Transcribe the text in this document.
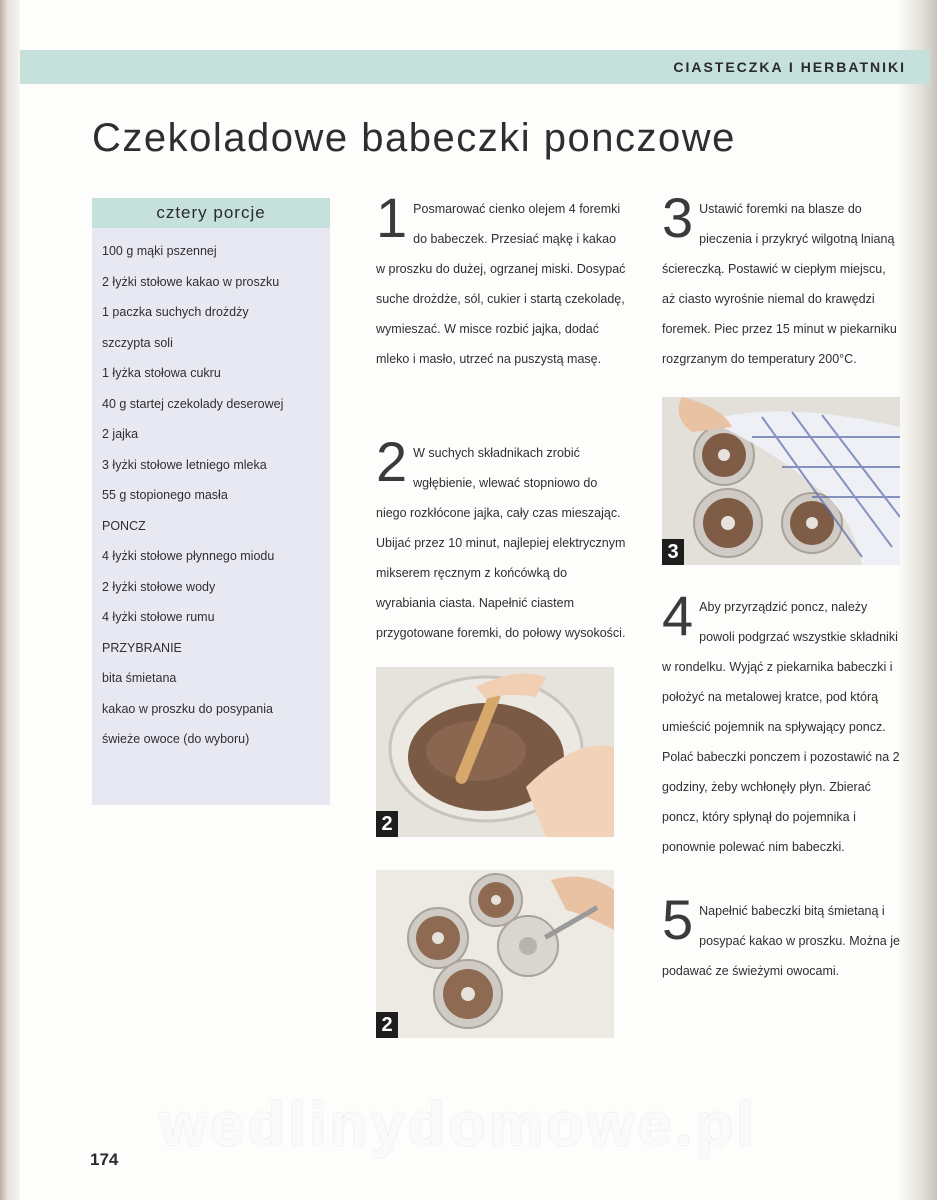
CIASTECZKA I HERBATNIKI
Czekoladowe babeczki ponczowe
cztery porcje
100 g mąki pszennej
2 łyżki stołowe kakao w proszku
1 paczka suchych drożdży
szczypta soli
1 łyżka stołowa cukru
40 g startej czekolady deserowej
2 jajka
3 łyżki stołowe letniego mleka
55 g stopionego masła
PONCZ
4 łyżki stołowe płynnego miodu
2 łyżki stołowe wody
4 łyżki stołowe rumu
PRZYBRANIE
bita śmietana
kakao w proszku do posypania
świeże owoce (do wyboru)
1 Posmarować cienko olejem 4 foremki do babeczek. Przesiać mąkę i kakao w proszku do dużej, ogrzanej miski. Dosypać suche drożdże, sól, cukier i startą czekoladę, wymieszać. W misce rozbić jajka, dodać mleko i masło, utrzeć na puszystą masę.
2 W suchych składnikach zrobić wgłębienie, wlewać stopniowo do niego rozkłócone jajka, cały czas mieszając. Ubijać przez 10 minut, najlepiej elektrycznym mikserem ręcznym z końcówką do wyrabiania ciasta. Napełnić ciastem przygotowane foremki, do połowy wysokości.
2
2
3 Ustawić foremki na blasze do pieczenia i przykryć wilgotną lnianą ściereczką. Postawić w ciepłym miejscu, aż ciasto wyrośnie niemal do krawędzi foremek. Piec przez 15 minut w piekarniku rozgrzanym do temperatury 200°C.
3
4 Aby przyrządzić poncz, należy powoli podgrzać wszystkie składniki w rondelku. Wyjąć z piekarnika babeczki i położyć na metalowej kratce, pod którą umieścić pojemnik na spływający poncz. Polać babeczki ponczem i pozostawić na 2 godziny, żeby wchłonęły płyn. Zbierać poncz, który spłynął do pojemnika i ponownie polewać nim babeczki.
5 Napełnić babeczki bitą śmietaną i posypać kakao w proszku. Można je podawać ze świeżymi owocami.
wedlinydomowe.pl
174
